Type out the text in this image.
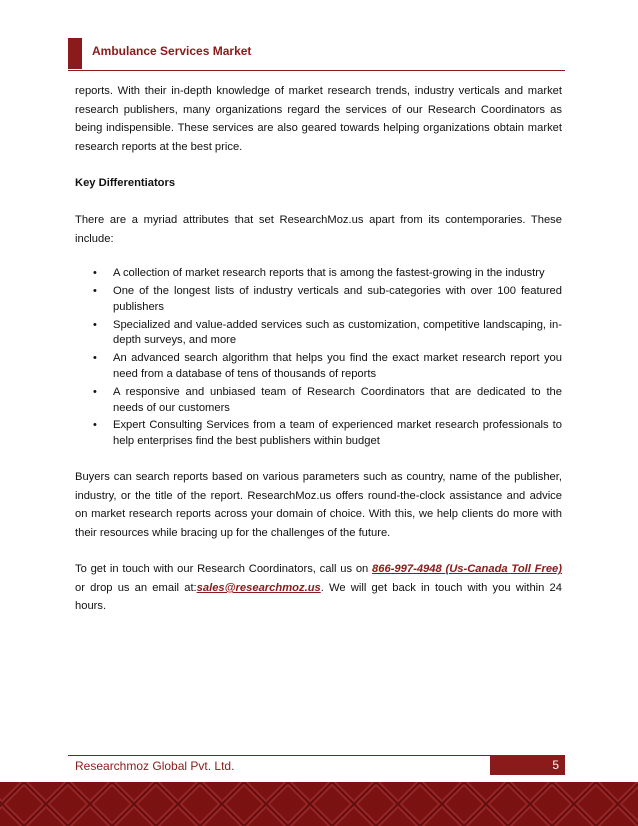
Ambulance Services Market

reports. With their in-depth knowledge of market research trends, industry verticals and market research publishers, many organizations regard the services of our Research Coordinators as being indispensible. These services are also geared towards helping organizations obtain market research reports at the best price.

Key Differentiators

There are a myriad attributes that set ResearchMoz.us apart from its contemporaries. These include:

• A collection of market research reports that is among the fastest-growing in the industry
• One of the longest lists of industry verticals and sub-categories with over 100 featured publishers
• Specialized and value-added services such as customization, competitive landscaping, in-depth surveys, and more
• An advanced search algorithm that helps you find the exact market research report you need from a database of tens of thousands of reports
• A responsive and unbiased team of Research Coordinators that are dedicated to the needs of our customers
• Expert Consulting Services from a team of experienced market research professionals to help enterprises find the best publishers within budget

Buyers can search reports based on various parameters such as country, name of the publisher, industry, or the title of the report. ResearchMoz.us offers round-the-clock assistance and advice on market research reports across your domain of choice. With this, we help clients do more with their resources while bracing up for the challenges of the future.

To get in touch with our Research Coordinators, call us on 866-997-4948 (Us-Canada Toll Free) or drop us an email at:sales@researchmoz.us. We will get back in touch with you within 24 hours.

Researchmoz Global Pvt. Ltd.	5
